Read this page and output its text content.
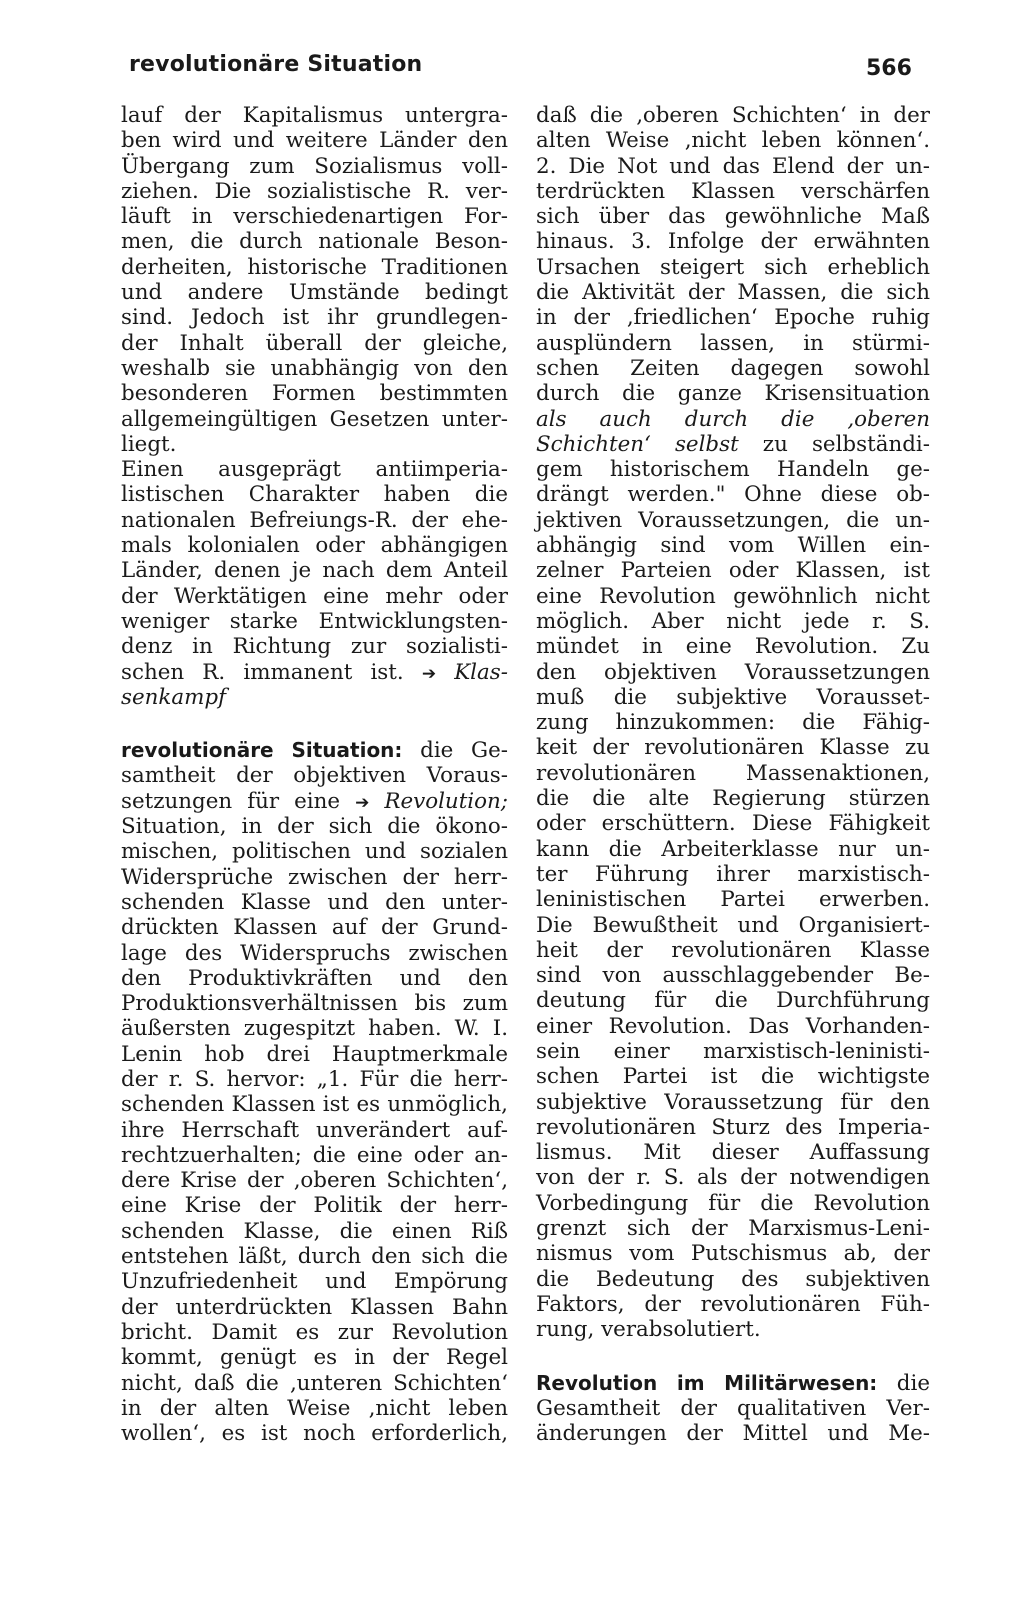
revolutionäre Situation	566
lauf der Kapitalismus untergra-
ben wird und weitere Länder den
Übergang zum Sozialismus voll-
ziehen. Die sozialistische R. ver-
läuft in verschiedenartigen For-
men, die durch nationale Beson-
derheiten, historische Traditionen
und andere Umstände bedingt
sind. Jedoch ist ihr grundlegen-
der Inhalt überall der gleiche,
weshalb sie unabhängig von den
besonderen Formen bestimmten
allgemeingültigen Gesetzen unter-
liegt.
Einen ausgeprägt antiimperia-
listischen Charakter haben die
nationalen Befreiungs-R. der ehe-
mals kolonialen oder abhängigen
Länder, denen je nach dem Anteil
der Werktätigen eine mehr oder
weniger starke Entwicklungsten-
denz in Richtung zur sozialisti-
schen R. immanent ist. ➔ Klas-
senkampf
revolutionäre Situation: die Ge-
samtheit der objektiven Voraus-
setzungen für eine ➔ Revolution;
Situation, in der sich die ökono-
mischen, politischen und sozialen
Widersprüche zwischen der herr-
schenden Klasse und den unter-
drückten Klassen auf der Grund-
lage des Widerspruchs zwischen
den Produktivkräften und den
Produktionsverhältnissen bis zum
äußersten zugespitzt haben. W. I.
Lenin hob drei Hauptmerkmale
der r. S. hervor: „1. Für die herr-
schenden Klassen ist es unmöglich,
ihre Herrschaft unverändert auf-
rechtzuerhalten; die eine oder an-
dere Krise der ‚oberen Schichten‘,
eine Krise der Politik der herr-
schenden Klasse, die einen Riß
entstehen läßt, durch den sich die
Unzufriedenheit und Empörung
der unterdrückten Klassen Bahn
bricht. Damit es zur Revolution
kommt, genügt es in der Regel
nicht, daß die ‚unteren Schichten‘
in der alten Weise ‚nicht leben
wollen‘, es ist noch erforderlich,
daß die ‚oberen Schichten‘ in der
alten Weise ‚nicht leben können‘.
2. Die Not und das Elend der un-
terdrückten Klassen verschärfen
sich über das gewöhnliche Maß
hinaus. 3. Infolge der erwähnten
Ursachen steigert sich erheblich
die Aktivität der Massen, die sich
in der ‚friedlichen‘ Epoche ruhig
ausplündern lassen, in stürmi-
schen Zeiten dagegen sowohl
durch die ganze Krisensituation
als auch durch die ‚oberen
Schichten‘ selbst zu selbständi-
gem historischem Handeln ge-
drängt werden." Ohne diese ob-
jektiven Voraussetzungen, die un-
abhängig sind vom Willen ein-
zelner Parteien oder Klassen, ist
eine Revolution gewöhnlich nicht
möglich. Aber nicht jede r. S.
mündet in eine Revolution. Zu
den objektiven Voraussetzungen
muß die subjektive Vorausset-
zung hinzukommen: die Fähig-
keit der revolutionären Klasse zu
revolutionären Massenaktionen,
die die alte Regierung stürzen
oder erschüttern. Diese Fähigkeit
kann die Arbeiterklasse nur un-
ter Führung ihrer marxistisch-
leninistischen Partei erwerben.
Die Bewußtheit und Organisiert-
heit der revolutionären Klasse
sind von ausschlaggebender Be-
deutung für die Durchführung
einer Revolution. Das Vorhanden-
sein einer marxistisch-leninisti-
schen Partei ist die wichtigste
subjektive Voraussetzung für den
revolutionären Sturz des Imperia-
lismus. Mit dieser Auffassung
von der r. S. als der notwendigen
Vorbedingung für die Revolution
grenzt sich der Marxismus-Leni-
nismus vom Putschismus ab, der
die Bedeutung des subjektiven
Faktors, der revolutionären Füh-
rung, verabsolutiert.
Revolution im Militärwesen: die
Gesamtheit der qualitativen Ver-
änderungen der Mittel und Me-
